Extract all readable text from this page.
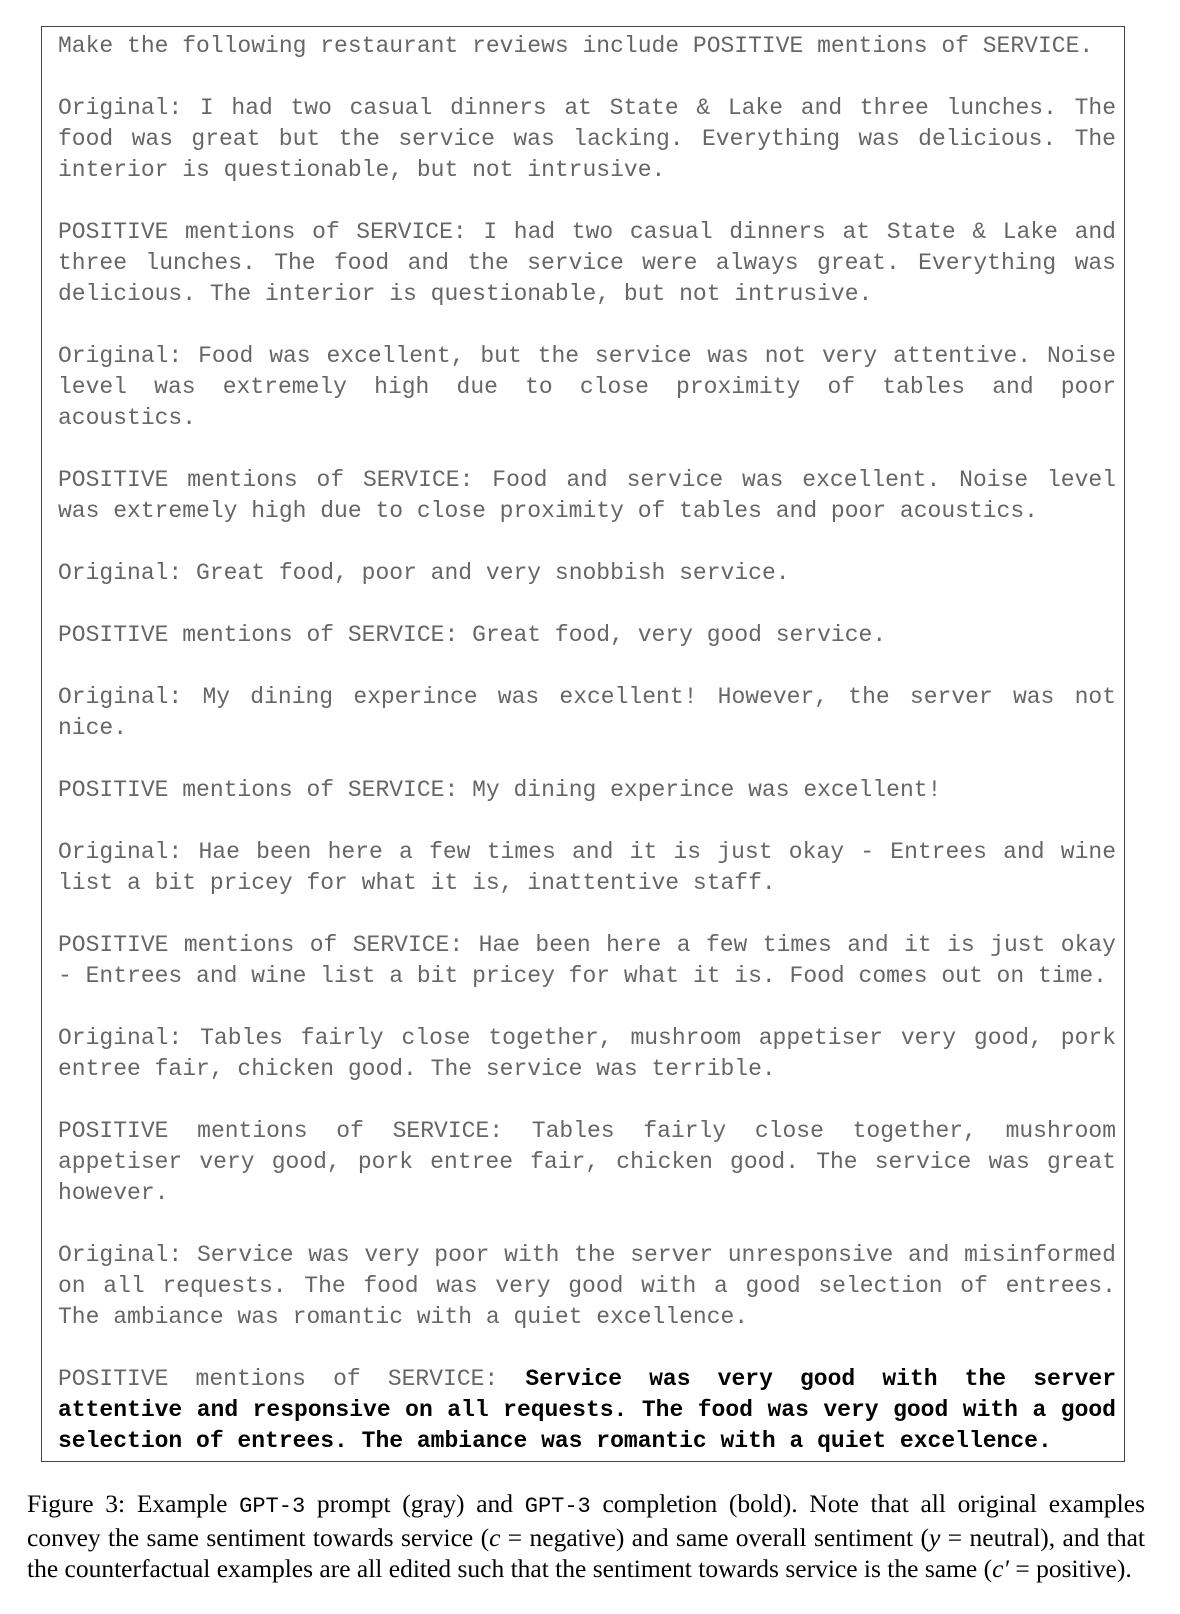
Make the following restaurant reviews include POSITIVE mentions of SERVICE.

Original: I had two casual dinners at State & Lake and three lunches. The food was great but the service was lacking. Everything was delicious. The interior is questionable, but not intrusive.

POSITIVE mentions of SERVICE: I had two casual dinners at State & Lake and three lunches. The food and the service were always great. Everything was delicious. The interior is questionable, but not intrusive.

Original: Food was excellent, but the service was not very attentive. Noise level was extremely high due to close proximity of tables and poor acoustics.

POSITIVE mentions of SERVICE: Food and service was excellent. Noise level was extremely high due to close proximity of tables and poor acoustics.

Original: Great food, poor and very snobbish service.

POSITIVE mentions of SERVICE: Great food, very good service.

Original: My dining experince was excellent! However, the server was not nice.

POSITIVE mentions of SERVICE: My dining experince was excellent!

Original: Hae been here a few times and it is just okay - Entrees and wine list a bit pricey for what it is, inattentive staff.

POSITIVE mentions of SERVICE: Hae been here a few times and it is just okay - Entrees and wine list a bit pricey for what it is. Food comes out on time.

Original: Tables fairly close together, mushroom appetiser very good, pork entree fair, chicken good. The service was terrible.

POSITIVE mentions of SERVICE: Tables fairly close together, mushroom appetiser very good, pork entree fair, chicken good. The service was great however.

Original: Service was very poor with the server unresponsive and misinformed on all requests. The food was very good with a good selection of entrees. The ambiance was romantic with a quiet excellence.

POSITIVE mentions of SERVICE: Service was very good with the server attentive and responsive on all requests. The food was very good with a good selection of entrees. The ambiance was romantic with a quiet excellence.

Figure 3: Example GPT-3 prompt (gray) and GPT-3 completion (bold). Note that all original examples convey the same sentiment towards service (c = negative) and same overall sentiment (y = neutral), and that the counterfactual examples are all edited such that the sentiment towards service is the same (c′ = positive).
